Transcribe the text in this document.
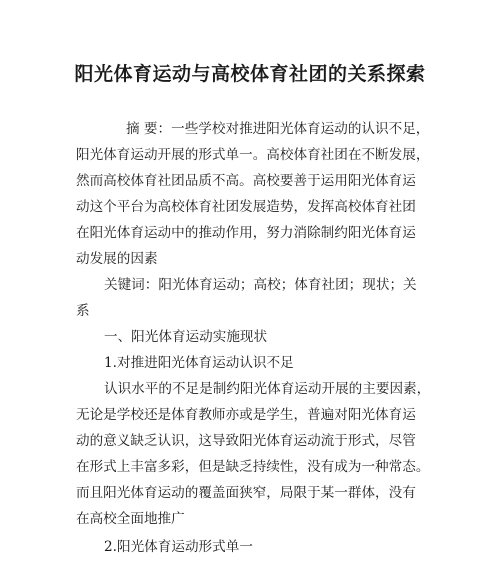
阳光体育运动与高校体育社团的关系探索
摘 要：一些学校对推进阳光体育运动的认识不足，
阳光体育运动开展的形式单一。高校体育社团在不断发展，
然而高校体育社团品质不高。高校要善于运用阳光体育运
动这个平台为高校体育社团发展造势，发挥高校体育社团
在阳光体育运动中的推动作用，努力消除制约阳光体育运
动发展的因素
关键词：阳光体育运动；高校；体育社团；现状；关
系
一、阳光体育运动实施现状
1.对推进阳光体育运动认识不足
认识水平的不足是制约阳光体育运动开展的主要因素，
无论是学校还是体育教师亦或是学生，普遍对阳光体育运
动的意义缺乏认识，这导致阳光体育运动流于形式，尽管
在形式上丰富多彩，但是缺乏持续性，没有成为一种常态。
而且阳光体育运动的覆盖面狭窄，局限于某一群体，没有
在高校全面地推广
2.阳光体育运动形式单一
